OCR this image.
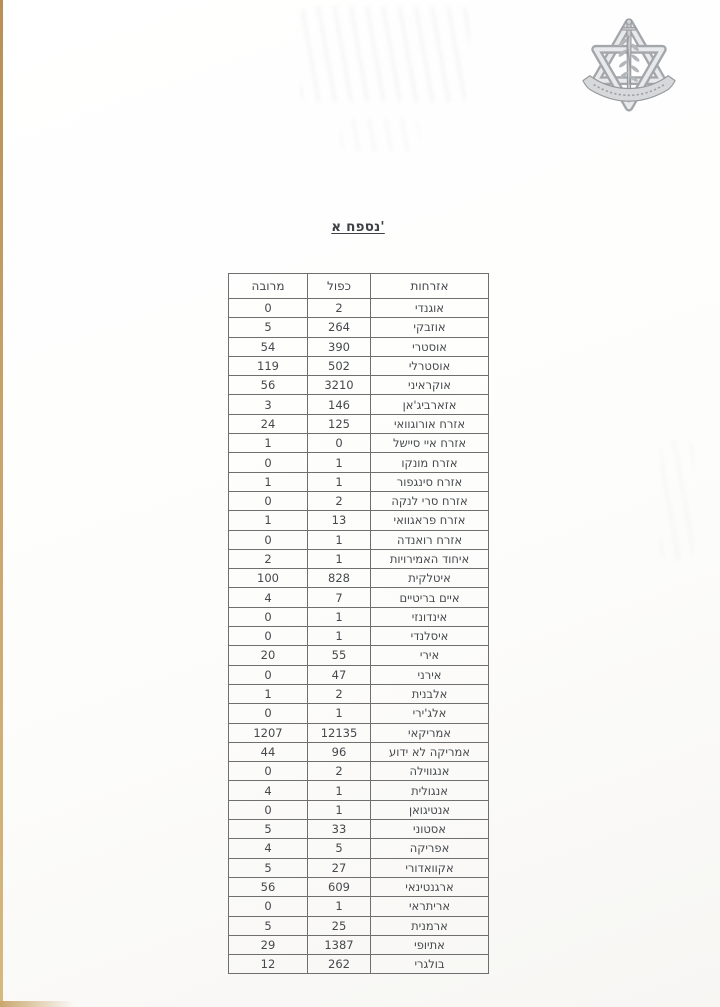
נספח א'
אזרחות	כפול	מרובה
אוגנדי	2	0
אוזבקי	264	5
אוסטרי	390	54
אוסטרלי	502	119
אוקראיני	3210	56
אזארביג'אן	146	3
אזרח אורוגוואי	125	24
אזרח איי סיישל	0	1
אזרח מונקו	1	0
אזרח סינגפור	1	1
אזרח סרי לנקה	2	0
אזרח פראגוואי	13	1
אזרח רואנדה	1	0
איחוד האמירויות	1	2
איטלקית	828	100
איים בריטיים	7	4
אינדונזי	1	0
איסלנדי	1	0
אירי	55	20
אירני	47	0
אלבנית	2	1
אלג'ירי	1	0
אמריקאי	12135	1207
אמריקה לא ידוע	96	44
אנגווילה	2	0
אנגולית	1	4
אנטיגואן	1	0
אסטוני	33	5
אפריקה	5	4
אקוואדורי	27	5
ארגנטינאי	609	56
אריתראי	1	0
ארמנית	25	5
אתיופי	1387	29
בולגרי	262	12
